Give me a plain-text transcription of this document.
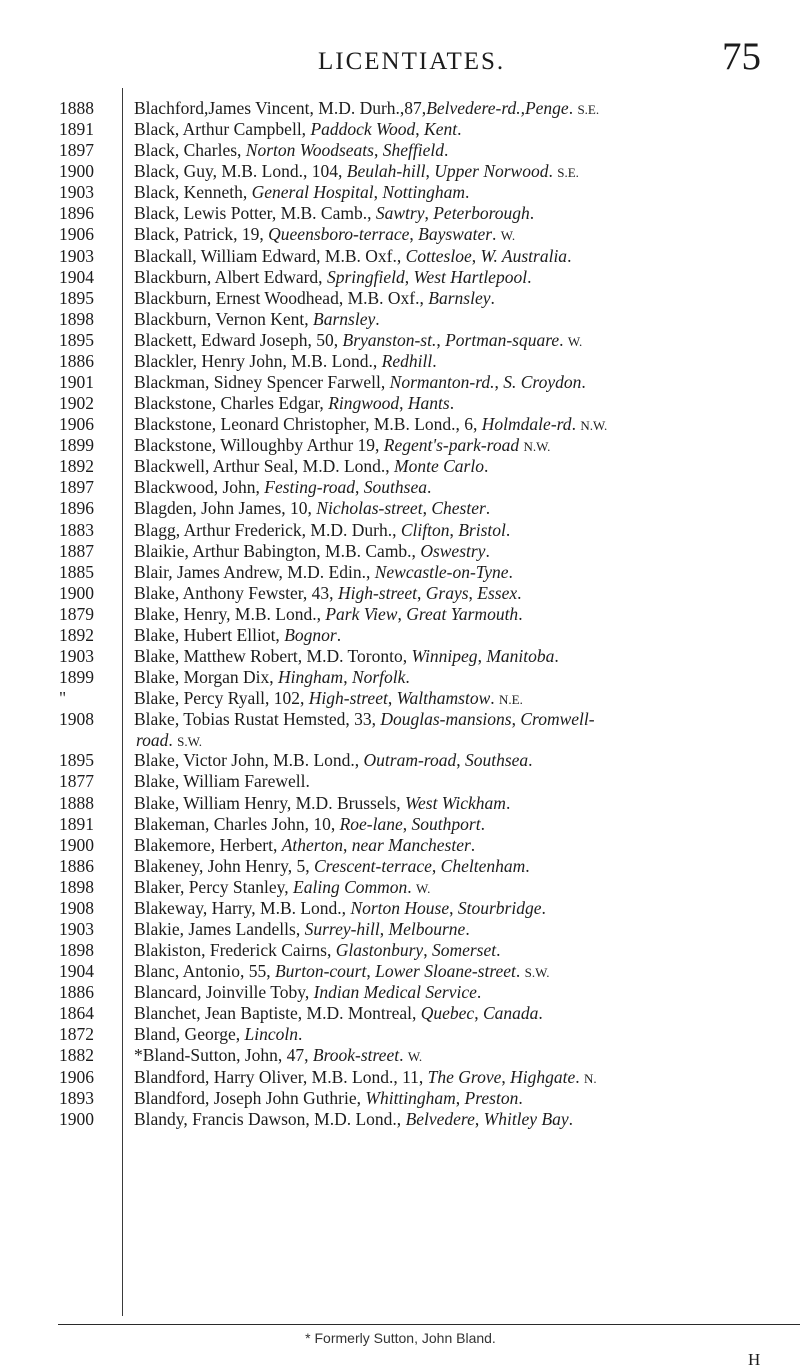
LICENTIATES.	75
1888	Blachford,James Vincent, M.D. Durh.,87,Belvedere-rd.,Penge. S.E.
1891	Black, Arthur Campbell, Paddock Wood, Kent.
1897	Black, Charles, Norton Woodseats, Sheffield.
1900	Black, Guy, M.B. Lond., 104, Beulah-hill, Upper Norwood. S.E.
1903	Black, Kenneth, General Hospital, Nottingham.
1896	Black, Lewis Potter, M.B. Camb., Sawtry, Peterborough.
1906	Black, Patrick, 19, Queensboro-terrace, Bayswater. W.
1903	Blackall, William Edward, M.B. Oxf., Cottesloe, W. Australia.
1904	Blackburn, Albert Edward, Springfield, West Hartlepool.
1895	Blackburn, Ernest Woodhead, M.B. Oxf., Barnsley.
1898	Blackburn, Vernon Kent, Barnsley.
1895	Blackett, Edward Joseph, 50, Bryanston-st., Portman-square. W.
1886	Blackler, Henry John, M.B. Lond., Redhill.
1901	Blackman, Sidney Spencer Farwell, Normanton-rd., S. Croydon.
1902	Blackstone, Charles Edgar, Ringwood, Hants.
1906	Blackstone, Leonard Christopher, M.B. Lond., 6, Holmdale-rd. N.W.
1899	Blackstone, Willoughby Arthur 19, Regent's-park-road N.W.
1892	Blackwell, Arthur Seal, M.D. Lond., Monte Carlo.
1897	Blackwood, John, Festing-road, Southsea.
1896	Blagden, John James, 10, Nicholas-street, Chester.
1883	Blagg, Arthur Frederick, M.D. Durh., Clifton, Bristol.
1887	Blaikie, Arthur Babington, M.B. Camb., Oswestry.
1885	Blair, James Andrew, M.D. Edin., Newcastle-on-Tyne.
1900	Blake, Anthony Fewster, 43, High-street, Grays, Essex.
1879	Blake, Henry, M.B. Lond., Park View, Great Yarmouth.
1892	Blake, Hubert Elliot, Bognor.
1903	Blake, Matthew Robert, M.D. Toronto, Winnipeg, Manitoba.
1899	Blake, Morgan Dix, Hingham, Norfolk.
"	Blake, Percy Ryall, 102, High-street, Walthamstow. N.E.
1908	Blake, Tobias Rustat Hemsted, 33, Douglas-mansions, Cromwell-
road. S.W.
1895	Blake, Victor John, M.B. Lond., Outram-road, Southsea.
1877	Blake, William Farewell.
1888	Blake, William Henry, M.D. Brussels, West Wickham.
1891	Blakeman, Charles John, 10, Roe-lane, Southport.
1900	Blakemore, Herbert, Atherton, near Manchester.
1886	Blakeney, John Henry, 5, Crescent-terrace, Cheltenham.
1898	Blaker, Percy Stanley, Ealing Common. W.
1908	Blakeway, Harry, M.B. Lond., Norton House, Stourbridge.
1903	Blakie, James Landells, Surrey-hill, Melbourne.
1898	Blakiston, Frederick Cairns, Glastonbury, Somerset.
1904	Blanc, Antonio, 55, Burton-court, Lower Sloane-street. S.W.
1886	Blancard, Joinville Toby, Indian Medical Service.
1864	Blanchet, Jean Baptiste, M.D. Montreal, Quebec, Canada.
1872	Bland, George, Lincoln.
1882	*Bland-Sutton, John, 47, Brook-street. W.
1906	Blandford, Harry Oliver, M.B. Lond., 11, The Grove, Highgate. N.
1893	Blandford, Joseph John Guthrie, Whittingham, Preston.
1900	Blandy, Francis Dawson, M.D. Lond., Belvedere, Whitley Bay.
* Formerly Sutton, John Bland.
H
